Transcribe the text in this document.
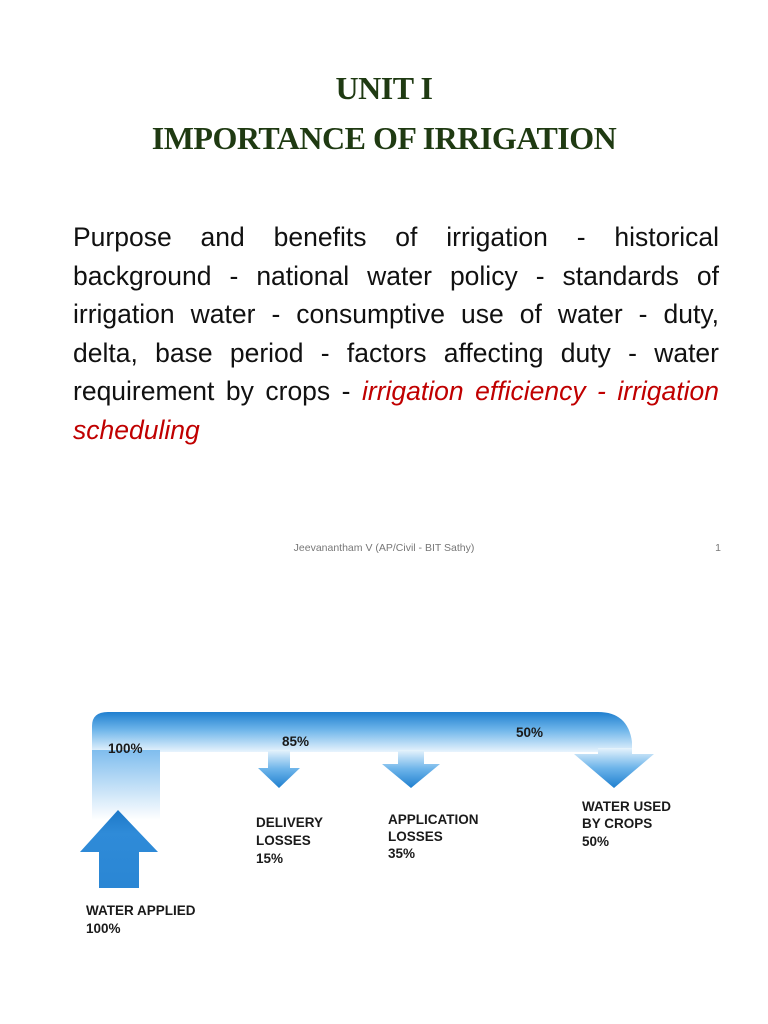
UNIT I
IMPORTANCE OF IRRIGATION
Purpose and benefits of irrigation - historical background - national water policy - standards of irrigation water - consumptive use of water - duty, delta, base period - factors affecting duty - water requirement by crops - irrigation efficiency - irrigation scheduling
Jeevanantham V (AP/Civil - BIT Sathy)	1
100%	85%
50%
DELIVERY
LOSSES
15%
APPLICATION
LOSSES
35%
WATER USED
BY CROPS
50%
WATER APPLIED
100%
